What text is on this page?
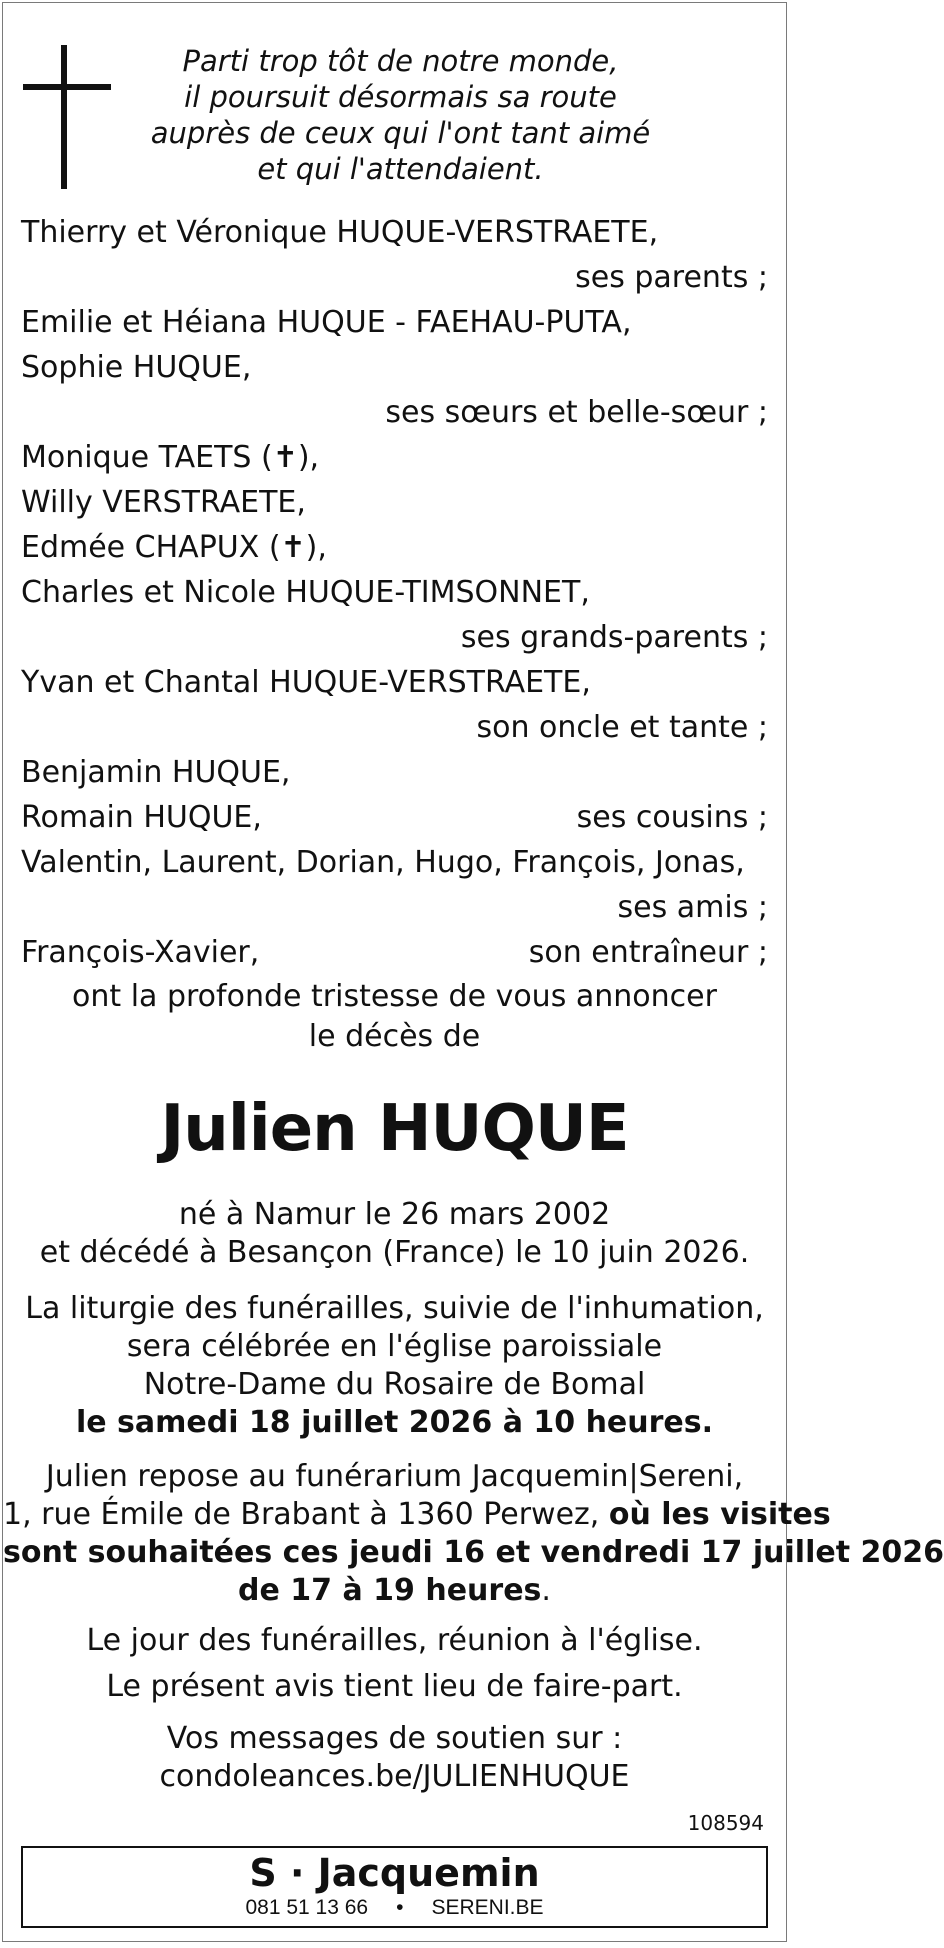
Parti trop tôt de notre monde,
il poursuit désormais sa route
auprès de ceux qui l'ont tant aimé
et qui l'attendaient.
Thierry et Véronique HUQUE-VERSTRAETE,
ses parents ;
Emilie et Héiana HUQUE - FAEHAU-PUTA,
Sophie HUQUE,
ses sœurs et belle-sœur ;
Monique TAETS (✝),
Willy VERSTRAETE,
Edmée CHAPUX (✝),
Charles et Nicole HUQUE-TIMSONNET,
ses grands-parents ;
Yvan et Chantal HUQUE-VERSTRAETE,
son oncle et tante ;
Benjamin HUQUE,
Romain HUQUE,	ses cousins ;
Valentin, Laurent, Dorian, Hugo, François, Jonas,
ses amis ;
François-Xavier,	son entraîneur ;
ont la profonde tristesse de vous annoncer
le décès de
Julien HUQUE
né à Namur le 26 mars 2002
et décédé à Besançon (France) le 10 juin 2026.
La liturgie des funérailles, suivie de l'inhumation,
sera célébrée en l'église paroissiale
Notre-Dame du Rosaire de Bomal
le samedi 18 juillet 2026 à 10 heures.
Julien repose au funérarium Jacquemin|Sereni,
1, rue Émile de Brabant à 1360 Perwez, où les visites
sont souhaitées ces jeudi 16 et vendredi 17 juillet 2026
de 17 à 19 heures.
Le jour des funérailles, réunion à l'église.
Le présent avis tient lieu de faire-part.
Vos messages de soutien sur :
condoleances.be/JULIENHUQUE
108594
S · Jacquemin
081 51 13 66 • SERENI.BE
